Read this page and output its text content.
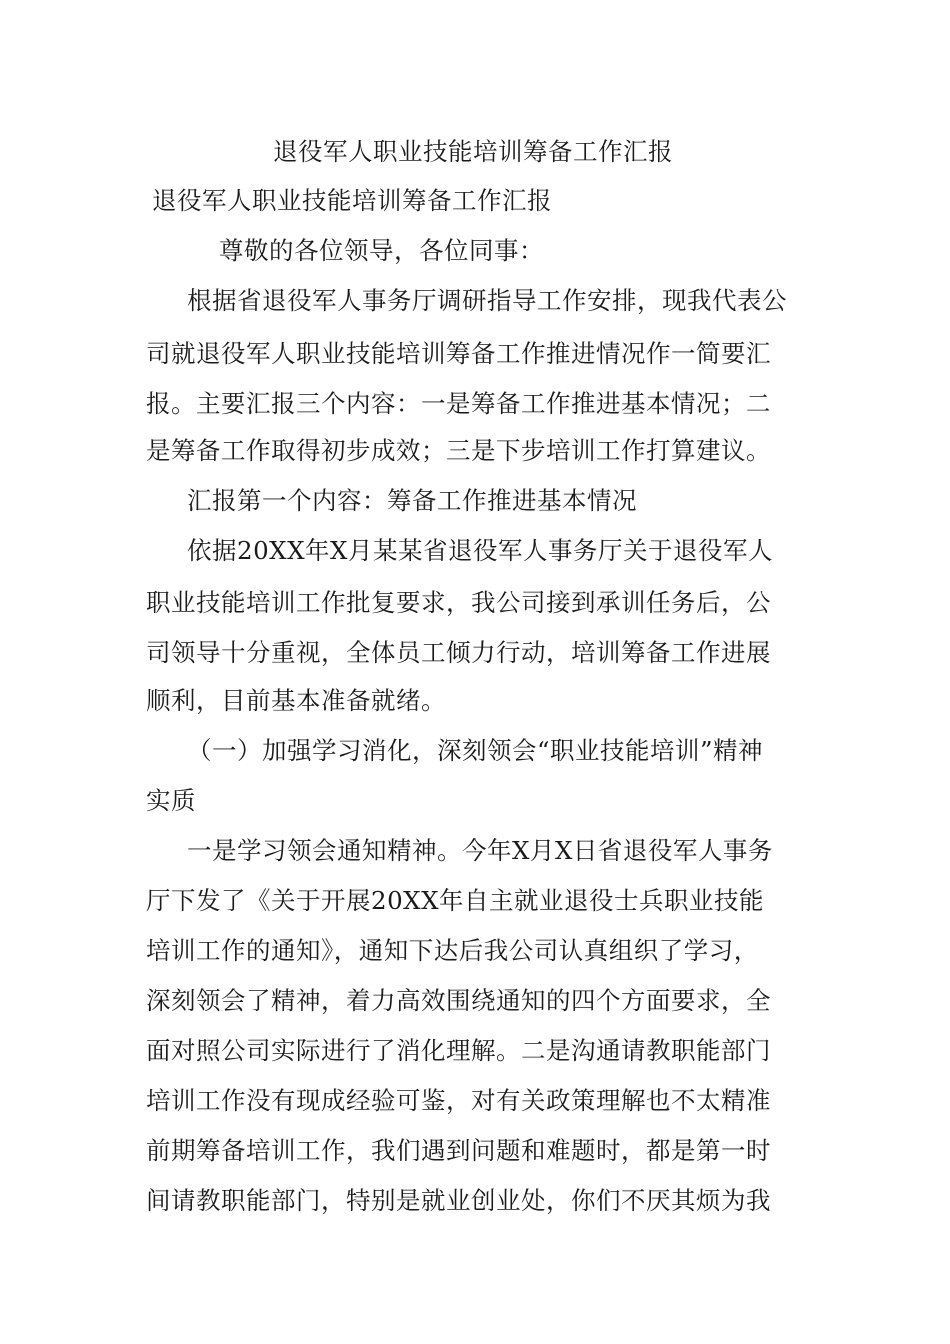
退役军人职业技能培训筹备工作汇报

退役军人职业技能培训筹备工作汇报

尊敬的各位领导，各位同事：

根据省退役军人事务厅调研指导工作安排，现我代表公

司就退役军人职业技能培训筹备工作推进情况作一简要汇

报。主要汇报三个内容：一是筹备工作推进基本情况；二

是筹备工作取得初步成效；三是下步培训工作打算建议。

汇报第一个内容：筹备工作推进基本情况

依据20XX年X月某某省退役军人事务厅关于退役军人

职业技能培训工作批复要求，我公司接到承训任务后，公

司领导十分重视，全体员工倾力行动，培训筹备工作进展

顺利，目前基本准备就绪。

（一）加强学习消化，深刻领会“职业技能培训”精神

实质

一是学习领会通知精神。今年X月X日省退役军人事务

厅下发了《关于开展20XX年自主就业退役士兵职业技能

培训工作的通知》，通知下达后我公司认真组织了学习，

深刻领会了精神，着力高效围绕通知的四个方面要求，全

面对照公司实际进行了消化理解。二是沟通请教职能部门

培训工作没有现成经验可鉴，对有关政策理解也不太精准

前期筹备培训工作，我们遇到问题和难题时，都是第一时

间请教职能部门，特别是就业创业处，你们不厌其烦为我
